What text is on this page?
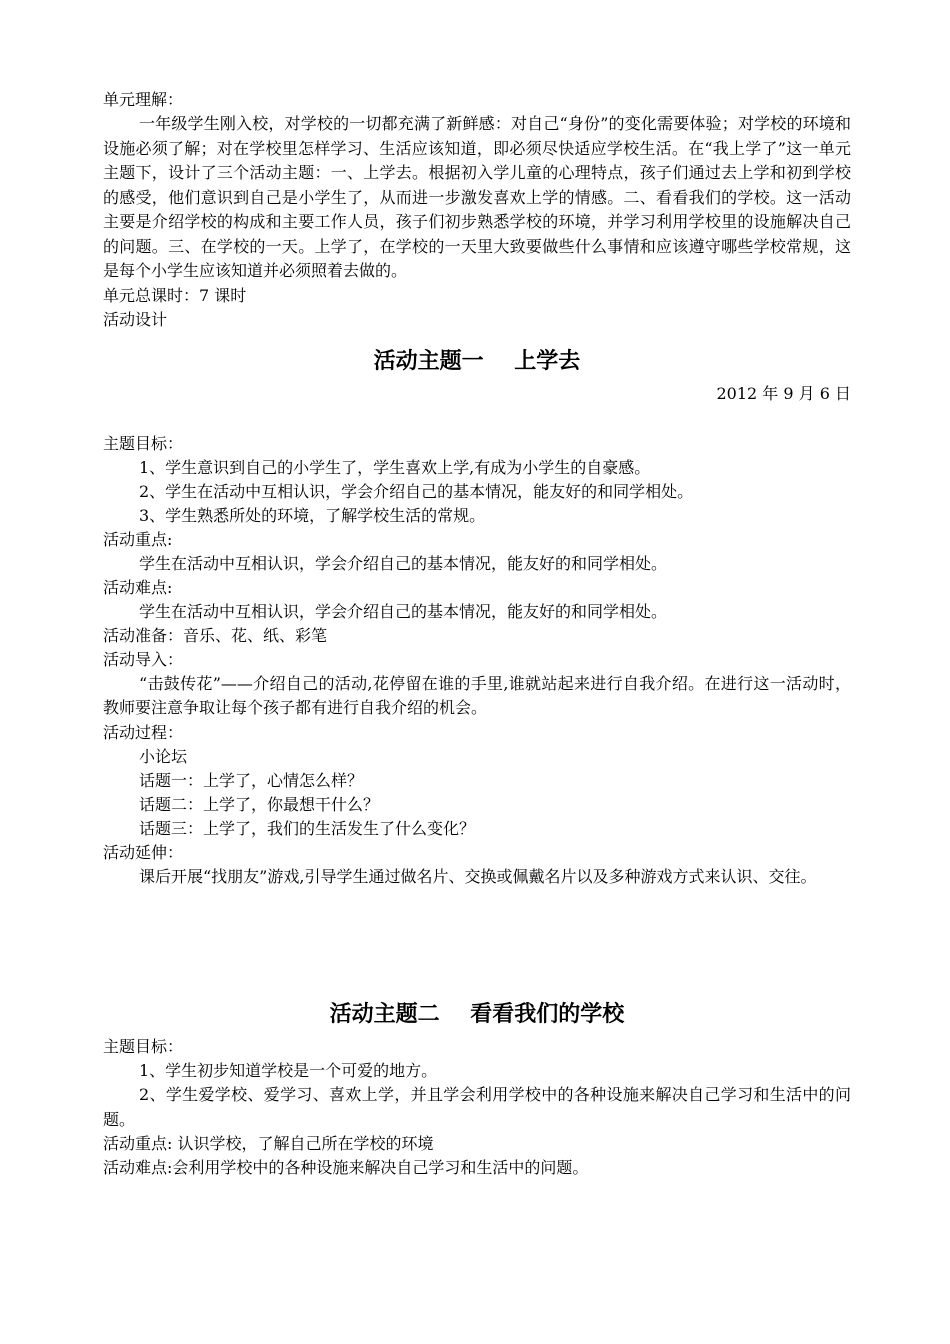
单元理解：

一年级学生刚入校，对学校的一切都充满了新鲜感：对自己“身份”的变化需要体验；对学校的环境和设施必须了解；对在学校里怎样学习、生活应该知道，即必须尽快适应学校生活。在“我上学了”这一单元主题下，设计了三个活动主题：一、上学去。根据初入学儿童的心理特点，孩子们通过去上学和初到学校的感受，他们意识到自己是小学生了，从而进一步激发喜欢上学的情感。二、看看我们的学校。这一活动主要是介绍学校的构成和主要工作人员，孩子们初步熟悉学校的环境，并学习利用学校里的设施解决自己的问题。三、在学校的一天。上学了，在学校的一天里大致要做些什么事情和应该遵守哪些学校常规，这是每个小学生应该知道并必须照着去做的。

单元总课时：7 课时

活动设计

活动主题一    上学去

2012 年 9 月 6 日

主题目标：

1、学生意识到自己的小学生了，学生喜欢上学,有成为小学生的自豪感。

2、学生在活动中互相认识，学会介绍自己的基本情况，能友好的和同学相处。

3、学生熟悉所处的环境，了解学校生活的常规。

活动重点:

学生在活动中互相认识，学会介绍自己的基本情况，能友好的和同学相处。

活动难点:

学生在活动中互相认识，学会介绍自己的基本情况，能友好的和同学相处。

活动准备：音乐、花、纸、彩笔

活动导入：

“击鼓传花”——介绍自己的活动,花停留在谁的手里,谁就站起来进行自我介绍。在进行这一活动时，教师要注意争取让每个孩子都有进行自我介绍的机会。

活动过程：

小论坛

话题一：上学了，心情怎么样？

话题二：上学了，你最想干什么？

话题三：上学了，我们的生活发生了什么变化？

活动延伸：

课后开展“找朋友”游戏,引导学生通过做名片、交换或佩戴名片以及多种游戏方式来认识、交往。

活动主题二    看看我们的学校

主题目标：

1、学生初步知道学校是一个可爱的地方。

2、学生爱学校、爱学习、喜欢上学，并且学会利用学校中的各种设施来解决自己学习和生活中的问题。

活动重点: 认识学校，了解自己所在学校的环境

活动难点:会利用学校中的各种设施来解决自己学习和生活中的问题。
